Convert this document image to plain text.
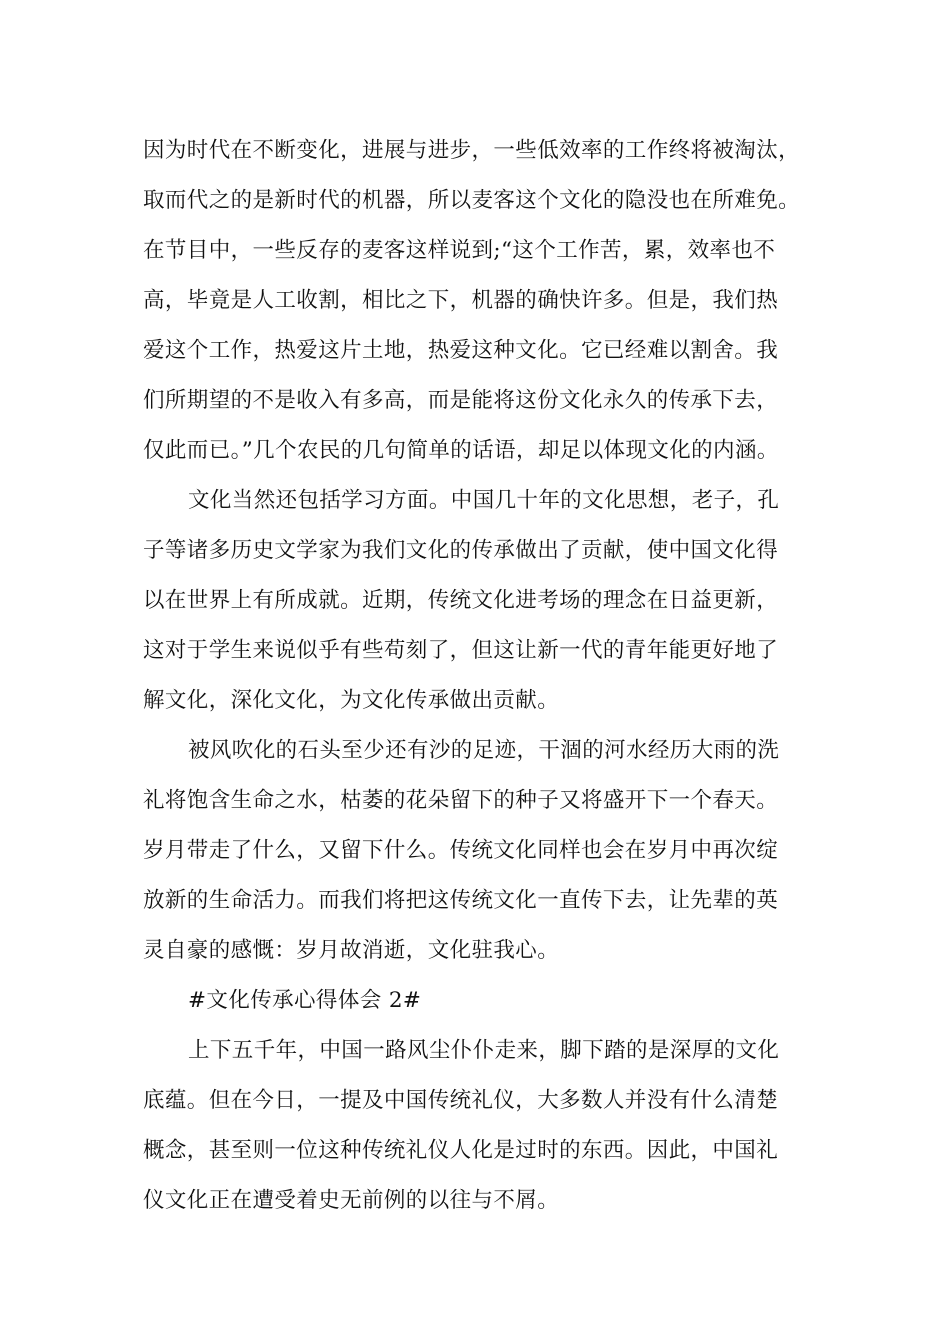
因为时代在不断变化，进展与进步，一些低效率的工作终将被淘汰，
取而代之的是新时代的机器，所以麦客这个文化的隐没也在所难免。
在节目中，一些反存的麦客这样说到;“这个工作苦，累，效率也不
高，毕竟是人工收割，相比之下，机器的确快许多。但是，我们热
爱这个工作，热爱这片土地，热爱这种文化。它已经难以割舍。我
们所期望的不是收入有多高，而是能将这份文化永久的传承下去，
仅此而已。”几个农民的几句简单的话语，却足以体现文化的内涵。
文化当然还包括学习方面。中国几十年的文化思想，老子，孔
子等诸多历史文学家为我们文化的传承做出了贡献，使中国文化得
以在世界上有所成就。近期，传统文化进考场的理念在日益更新，
这对于学生来说似乎有些苟刻了，但这让新一代的青年能更好地了
解文化，深化文化，为文化传承做出贡献。
被风吹化的石头至少还有沙的足迹，干涸的河水经历大雨的洗
礼将饱含生命之水，枯萎的花朵留下的种子又将盛开下一个春天。
岁月带走了什么，又留下什么。传统文化同样也会在岁月中再次绽
放新的生命活力。而我们将把这传统文化一直传下去，让先辈的英
灵自豪的感慨：岁月故消逝，文化驻我心。
#文化传承心得体会 2#
上下五千年，中国一路风尘仆仆走来，脚下踏的是深厚的文化
底蕴。但在今日，一提及中国传统礼仪，大多数人并没有什么清楚
概念，甚至则一位这种传统礼仪人化是过时的东西。因此，中国礼
仪文化正在遭受着史无前例的以往与不屑。
